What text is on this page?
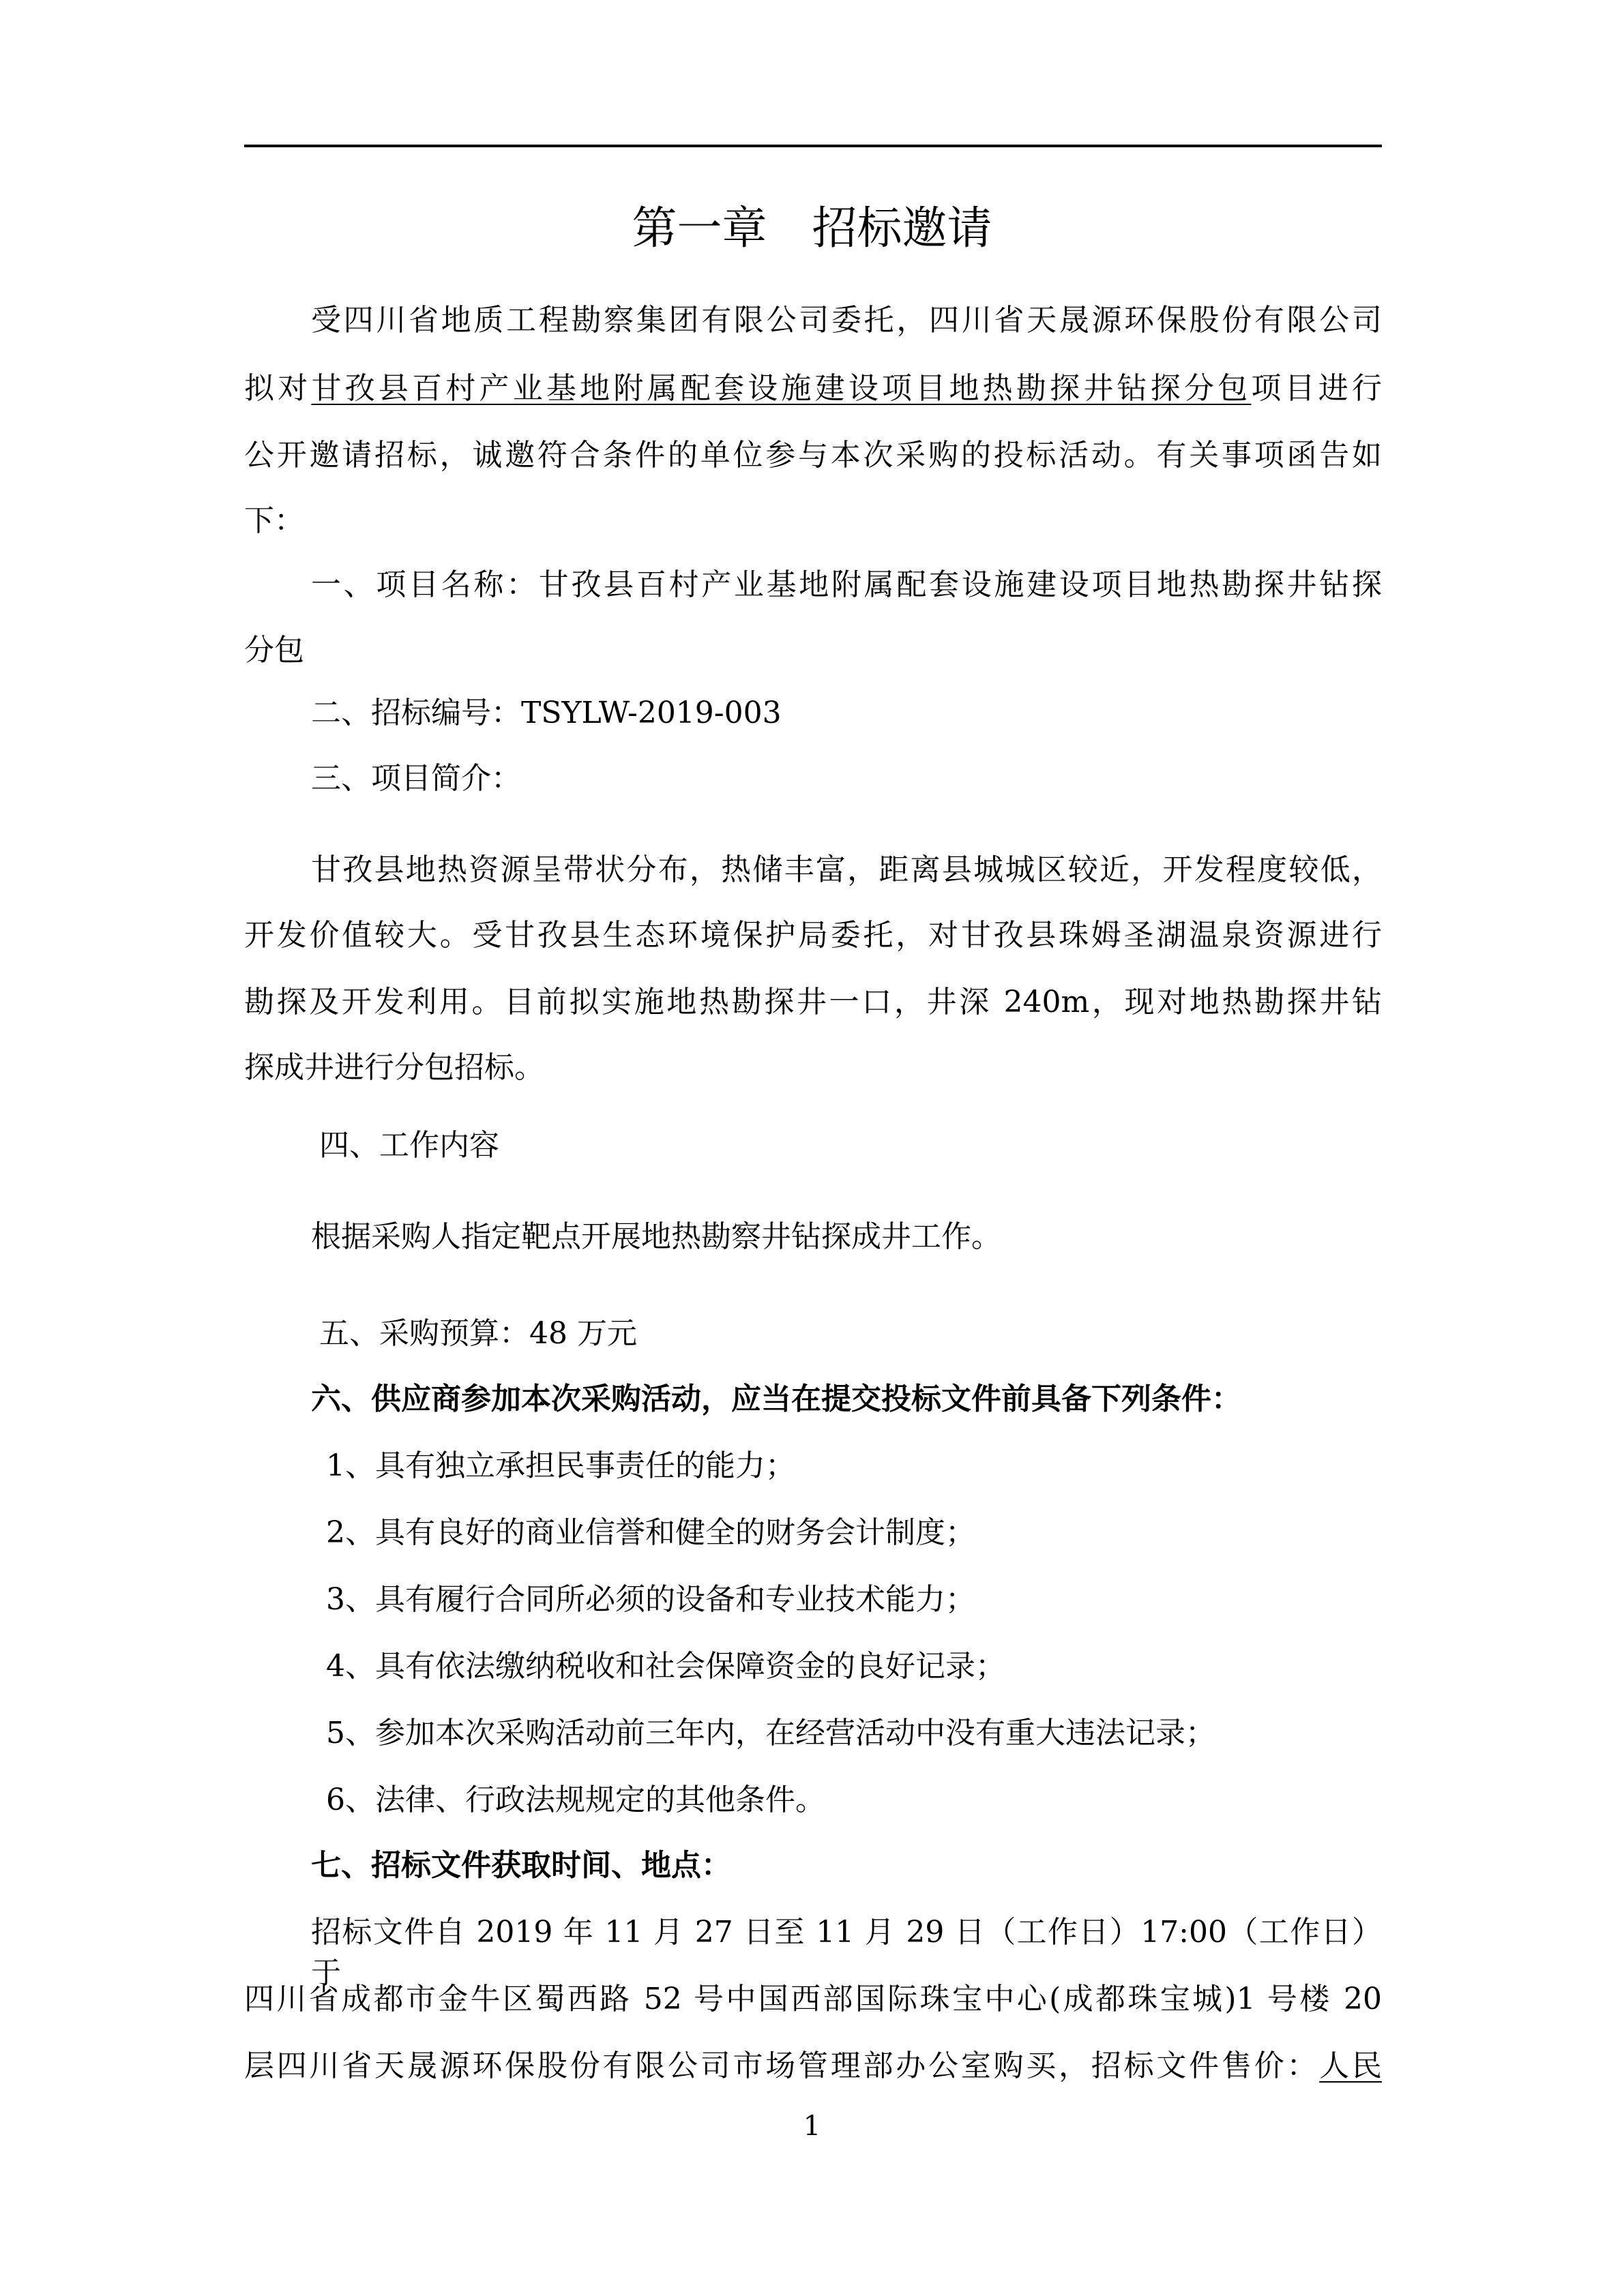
第一章 招标邀请
受四川省地质工程勘察集团有限公司委托，四川省天晟源环保股份有限公司
拟对甘孜县百村产业基地附属配套设施建设项目地热勘探井钻探分包项目进行
公开邀请招标，诚邀符合条件的单位参与本次采购的投标活动。有关事项函告如
下：
一、项目名称：甘孜县百村产业基地附属配套设施建设项目地热勘探井钻探
分包
二、招标编号：TSYLW-2019-003
三、项目简介：
甘孜县地热资源呈带状分布，热储丰富，距离县城城区较近，开发程度较低，
开发价值较大。受甘孜县生态环境保护局委托，对甘孜县珠姆圣湖温泉资源进行
勘探及开发利用。目前拟实施地热勘探井一口，井深 240m，现对地热勘探井钻
探成井进行分包招标。
四、工作内容
根据采购人指定靶点开展地热勘察井钻探成井工作。
五、采购预算：48 万元
六、供应商参加本次采购活动，应当在提交投标文件前具备下列条件：
1、具有独立承担民事责任的能力；
2、具有良好的商业信誉和健全的财务会计制度；
3、具有履行合同所必须的设备和专业技术能力；
4、具有依法缴纳税收和社会保障资金的良好记录；
5、参加本次采购活动前三年内，在经营活动中没有重大违法记录；
6、法律、行政法规规定的其他条件。
七、招标文件获取时间、地点：
招标文件自 2019 年 11 月 27 日至 11 月 29 日（工作日）17:00（工作日）于
四川省成都市金牛区蜀西路 52 号中国西部国际珠宝中心(成都珠宝城)1 号楼 20
层四川省天晟源环保股份有限公司市场管理部办公室购买，招标文件售价：人民
1
